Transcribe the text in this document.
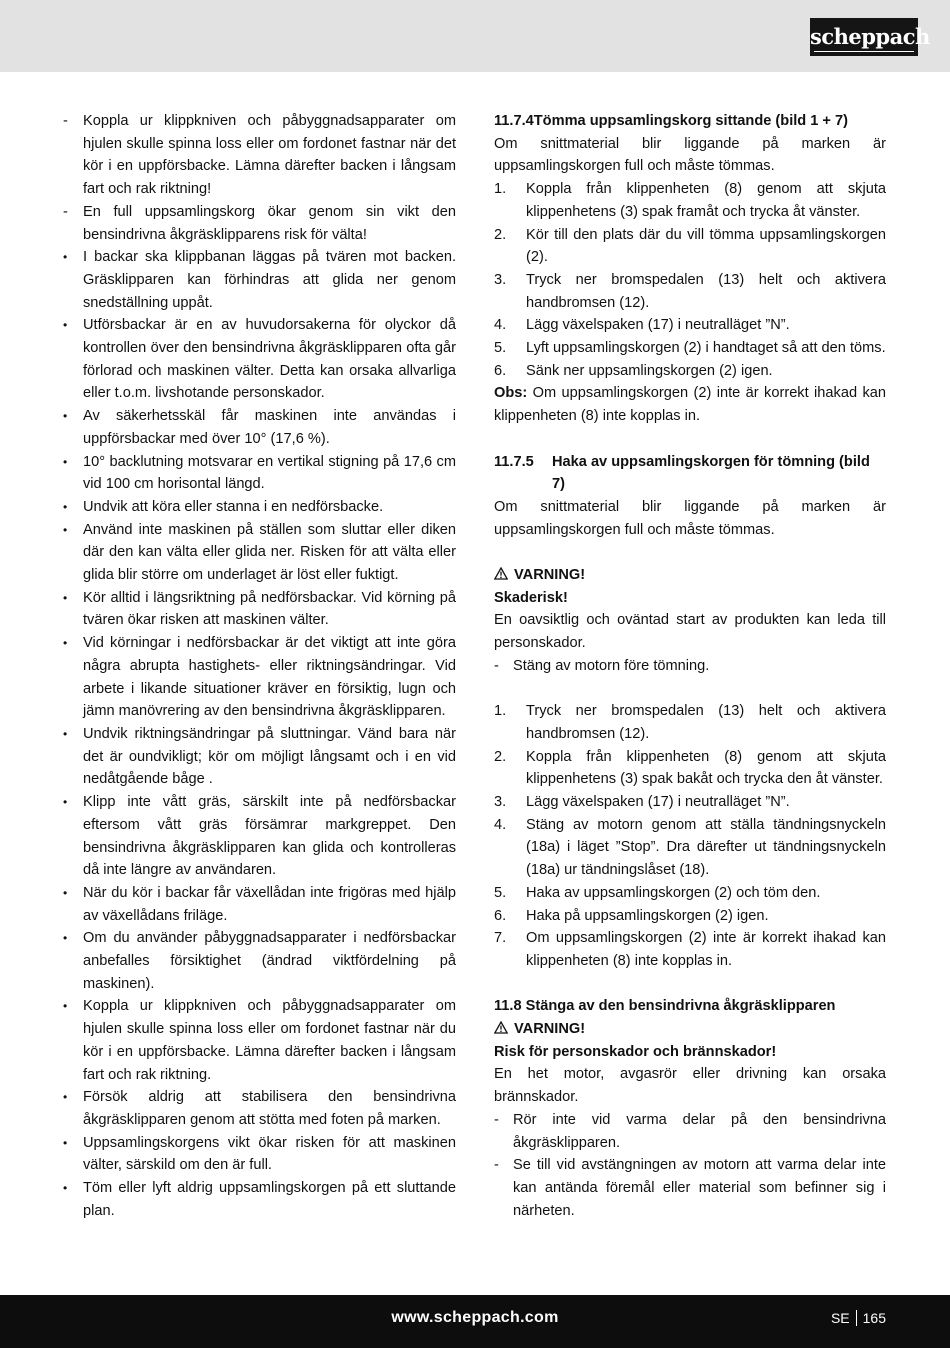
scheppach
-	Koppla ur klippkniven och påbyggnadsapparater om hjulen skulle spinna loss eller om fordonet fastnar när det kör i en uppförsbacke. Lämna därefter backen i långsam fart och rak riktning!
-	En full uppsamlingskorg ökar genom sin vikt den bensindrivna åkgräsklipparens risk för välta!
•	I backar ska klippbanan läggas på tvären mot backen. Gräsklipparen kan förhindras att glida ner genom snedställning uppåt.
•	Utförsbackar är en av huvudorsakerna för olyckor då kontrollen över den bensindrivna åkgräsklipparen ofta går förlorad och maskinen välter. Detta kan orsaka allvarliga eller t.o.m. livshotande personskador.
•	Av säkerhetsskäl får maskinen inte användas i uppförsbackar med över 10° (17,6 %).
•	10° backlutning motsvarar en vertikal stigning på 17,6 cm vid 100 cm horisontal längd.
•	Undvik att köra eller stanna i en nedförsbacke.
•	Använd inte maskinen på ställen som sluttar eller diken där den kan välta eller glida ner. Risken för att välta eller glida blir större om underlaget är löst eller fuktigt.
•	Kör alltid i längsriktning på nedförsbackar. Vid körning på tvären ökar risken att maskinen välter.
•	Vid körningar i nedförsbackar är det viktigt att inte göra några abrupta hastighets- eller riktningsändringar. Vid arbete i likande situationer kräver en försiktig, lugn och jämn manövrering av den bensindrivna åkgräsklipparen.
•	Undvik riktningsändringar på sluttningar. Vänd bara när det är oundvikligt; kör om möjligt långsamt och i en vid nedåtgående båge .
•	Klipp inte vått gräs, särskilt inte på nedförsbackar eftersom vått gräs försämrar markgreppet. Den bensindrivna åkgräsklipparen kan glida och kontrolleras då inte längre av användaren.
•	När du kör i backar får växellådan inte frigöras med hjälp av växellådans friläge.
•	Om du använder påbyggnadsapparater i nedförsbackar anbefalles försiktighet (ändrad viktfördelning på maskinen).
•	Koppla ur klippkniven och påbyggnadsapparater om hjulen skulle spinna loss eller om fordonet fastnar när du kör i en uppförsbacke. Lämna därefter backen i långsam fart och rak riktning.
•	Försök aldrig att stabilisera den bensindrivna åkgräsklipparen genom att stötta med foten på marken.
•	Uppsamlingskorgens vikt ökar risken för att maskinen välter, särskild om den är full.
•	Töm eller lyft aldrig uppsamlingskorgen på ett sluttande plan.
11.7.4Tömma uppsamlingskorg sittande (bild 1 + 7)
Om snittmaterial blir liggande på marken är uppsamlingskorgen full och måste tömmas.
1. Koppla från klippenheten (8) genom att skjuta klippenhetens (3) spak framåt och trycka åt vänster.
2. Kör till den plats där du vill tömma uppsamlingskorgen (2).
3. Tryck ner bromspedalen (13) helt och aktivera handbromsen (12).
4. Lägg växelspaken (17) i neutralläget ”N”.
5. Lyft uppsamlingskorgen (2) i handtaget så att den töms.
6. Sänk ner uppsamlingskorgen (2) igen.
Obs: Om uppsamlingskorgen (2) inte är korrekt ihakad kan klippenheten (8) inte kopplas in.
11.7.5 Haka av uppsamlingskorgen för tömning (bild 7)
Om snittmaterial blir liggande på marken är uppsamlingskorgen full och måste tömmas.
VARNING!
Skaderisk!
En oavsiktlig och oväntad start av produkten kan leda till personskador.
- Stäng av motorn före tömning.
1. Tryck ner bromspedalen (13) helt och aktivera handbromsen (12).
2. Koppla från klippenheten (8) genom att skjuta klippenhetens (3) spak bakåt och trycka den åt vänster.
3. Lägg växelspaken (17) i neutralläget ”N”.
4. Stäng av motorn genom att ställa tändningsnyckeln (18a) i läget ”Stop”. Dra därefter ut tändningsnyckeln (18a) ur tändningslåset (18).
5. Haka av uppsamlingskorgen (2) och töm den.
6. Haka på uppsamlingskorgen (2) igen.
7. Om uppsamlingskorgen (2) inte är korrekt ihakad kan klippenheten (8) inte kopplas in.
11.8 Stänga av den bensindrivna åkgräsklipparen
VARNING!
Risk för personskador och brännskador!
En het motor, avgasrör eller drivning kan orsaka brännskador.
- Rör inte vid varma delar på den bensindrivna åkgräsklipparen.
- Se till vid avstängningen av motorn att varma delar inte kan antända föremål eller material som befinner sig i närheten.
www.scheppach.com	SE 165
